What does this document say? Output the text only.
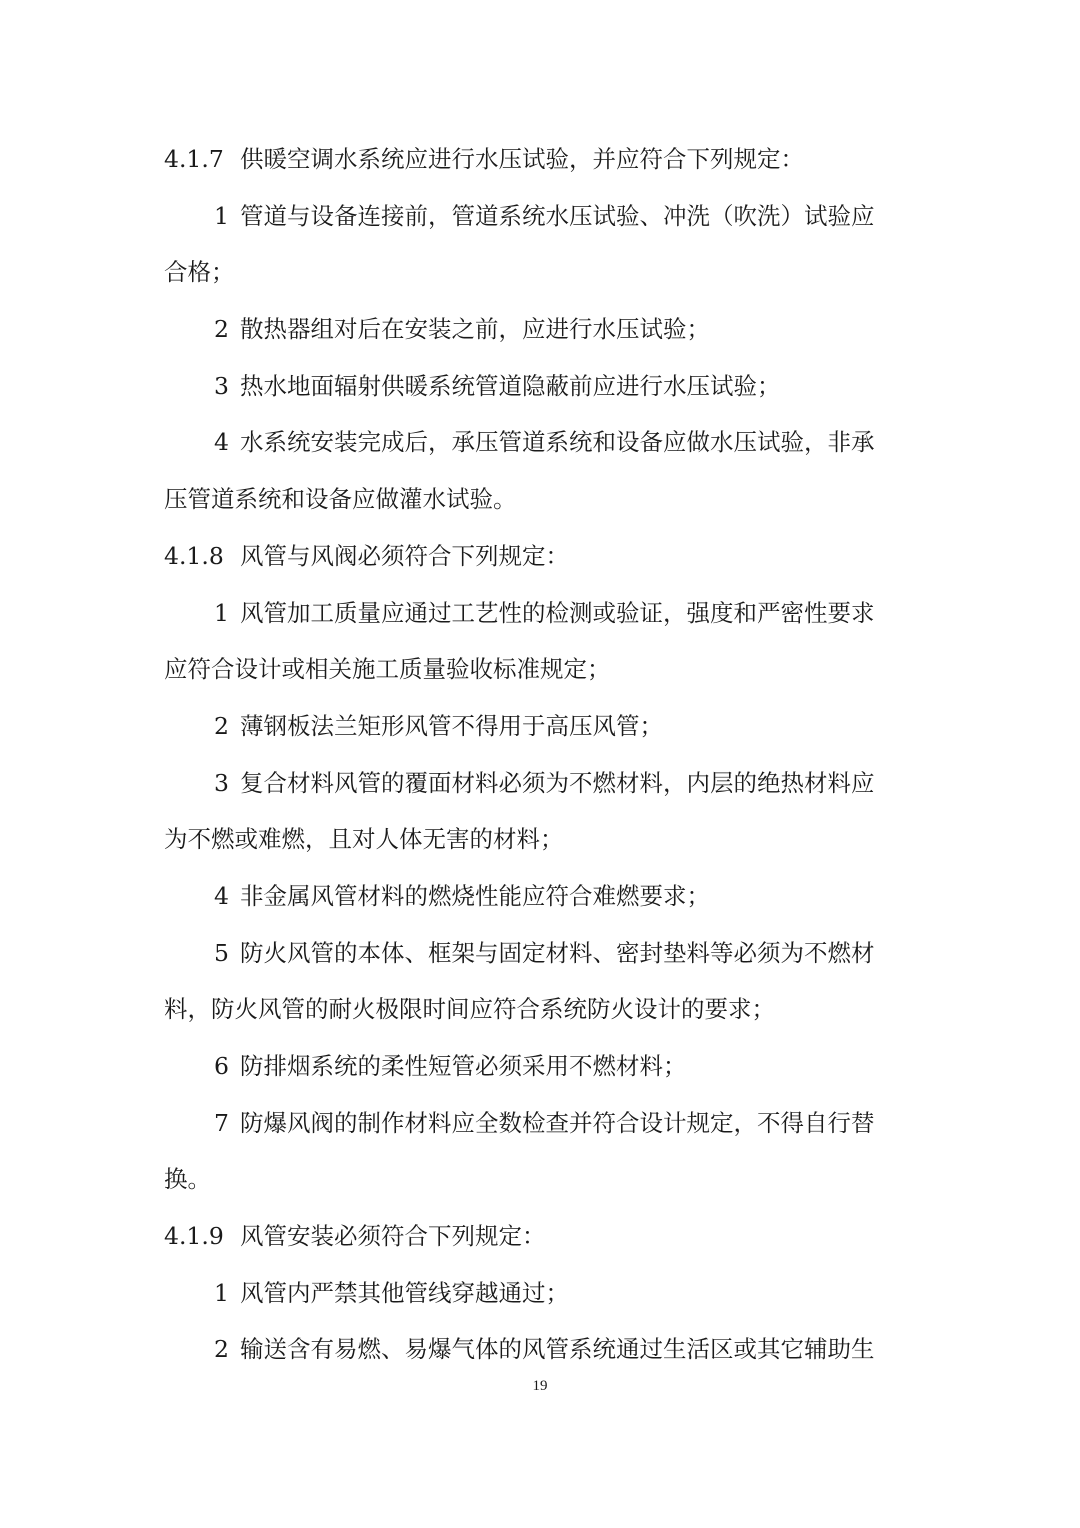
4.1.7 供暖空调水系统应进行水压试验，并应符合下列规定：
1 管道与设备连接前，管道系统水压试验、冲洗（吹洗）试验应
合格；
2 散热器组对后在安装之前，应进行水压试验；
3 热水地面辐射供暖系统管道隐蔽前应进行水压试验；
4 水系统安装完成后，承压管道系统和设备应做水压试验，非承
压管道系统和设备应做灌水试验。
4.1.8 风管与风阀必须符合下列规定：
1 风管加工质量应通过工艺性的检测或验证，强度和严密性要求
应符合设计或相关施工质量验收标准规定；
2 薄钢板法兰矩形风管不得用于高压风管；
3 复合材料风管的覆面材料必须为不燃材料，内层的绝热材料应
为不燃或难燃，且对人体无害的材料；
4 非金属风管材料的燃烧性能应符合难燃要求；
5 防火风管的本体、框架与固定材料、密封垫料等必须为不燃材
料，防火风管的耐火极限时间应符合系统防火设计的要求；
6 防排烟系统的柔性短管必须采用不燃材料；
7 防爆风阀的制作材料应全数检查并符合设计规定，不得自行替
换。
4.1.9 风管安装必须符合下列规定：
1 风管内严禁其他管线穿越通过；
2 输送含有易燃、易爆气体的风管系统通过生活区或其它辅助生
19
